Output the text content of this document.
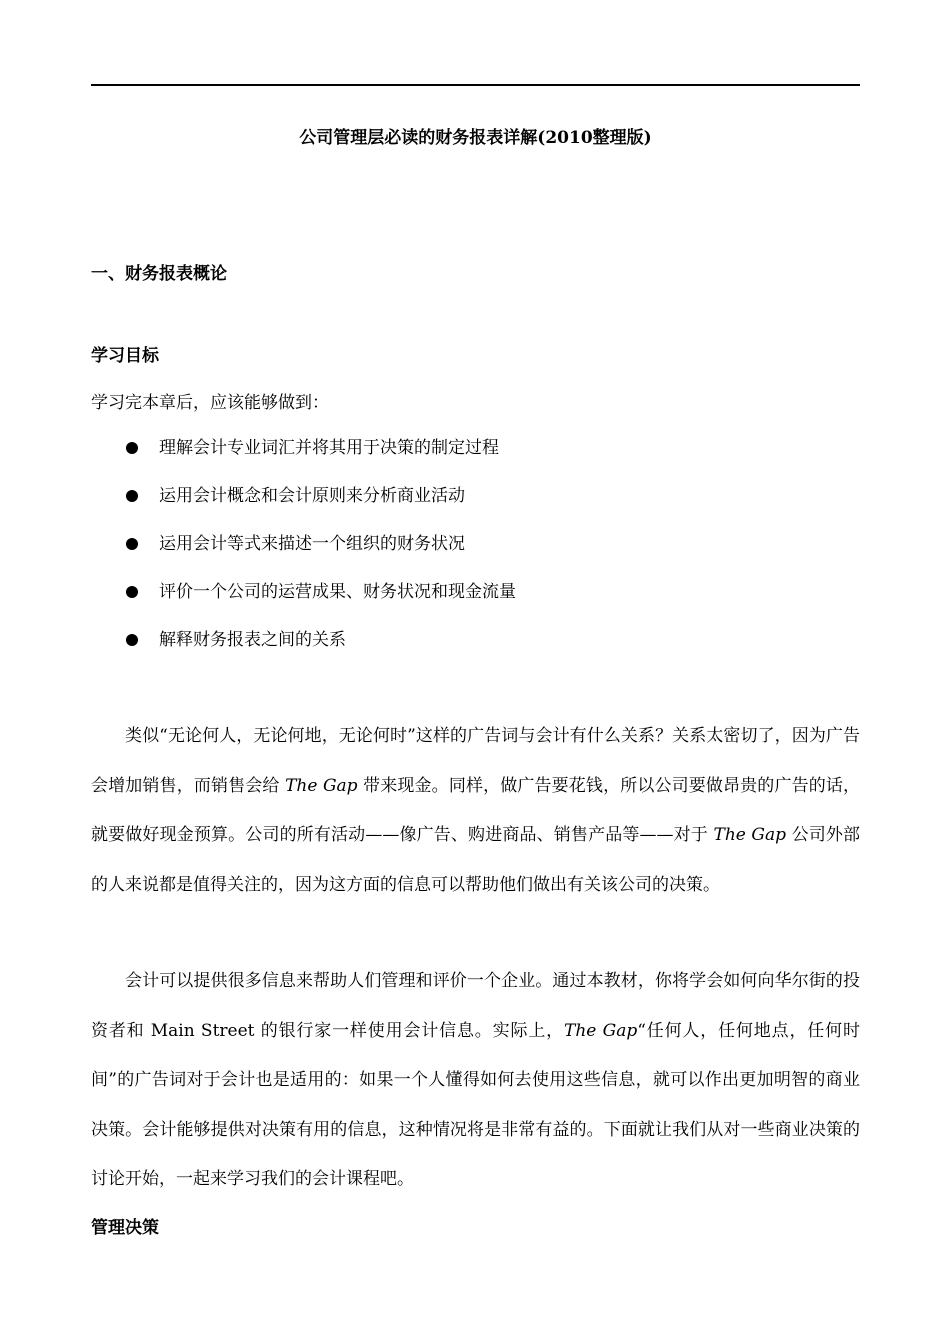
公司管理层必读的财务报表详解(2010整理版)
一、财务报表概论
学习目标
学习完本章后，应该能够做到：
理解会计专业词汇并将其用于决策的制定过程
运用会计概念和会计原则来分析商业活动
运用会计等式来描述一个组织的财务状况
评价一个公司的运营成果、财务状况和现金流量
解释财务报表之间的关系

类似“无论何人，无论何地，无论何时”这样的广告词与会计有什么关系？关系太密切了，因为广告会增加销售，而销售会给 The Gap 带来现金。同样，做广告要花钱，所以公司要做昂贵的广告的话，就要做好现金预算。公司的所有活动——像广告、购进商品、销售产品等——对于 The Gap 公司外部的人来说都是值得关注的，因为这方面的信息可以帮助他们做出有关该公司的决策。

会计可以提供很多信息来帮助人们管理和评价一个企业。通过本教材，你将学会如何向华尔街的投资者和 Main Street 的银行家一样使用会计信息。实际上，The Gap“任何人，任何地点，任何时间”的广告词对于会计也是适用的：如果一个人懂得如何去使用这些信息，就可以作出更加明智的商业决策。会计能够提供对决策有用的信息，这种情况将是非常有益的。下面就让我们从对一些商业决策的讨论开始，一起来学习我们的会计课程吧。

管理决策
